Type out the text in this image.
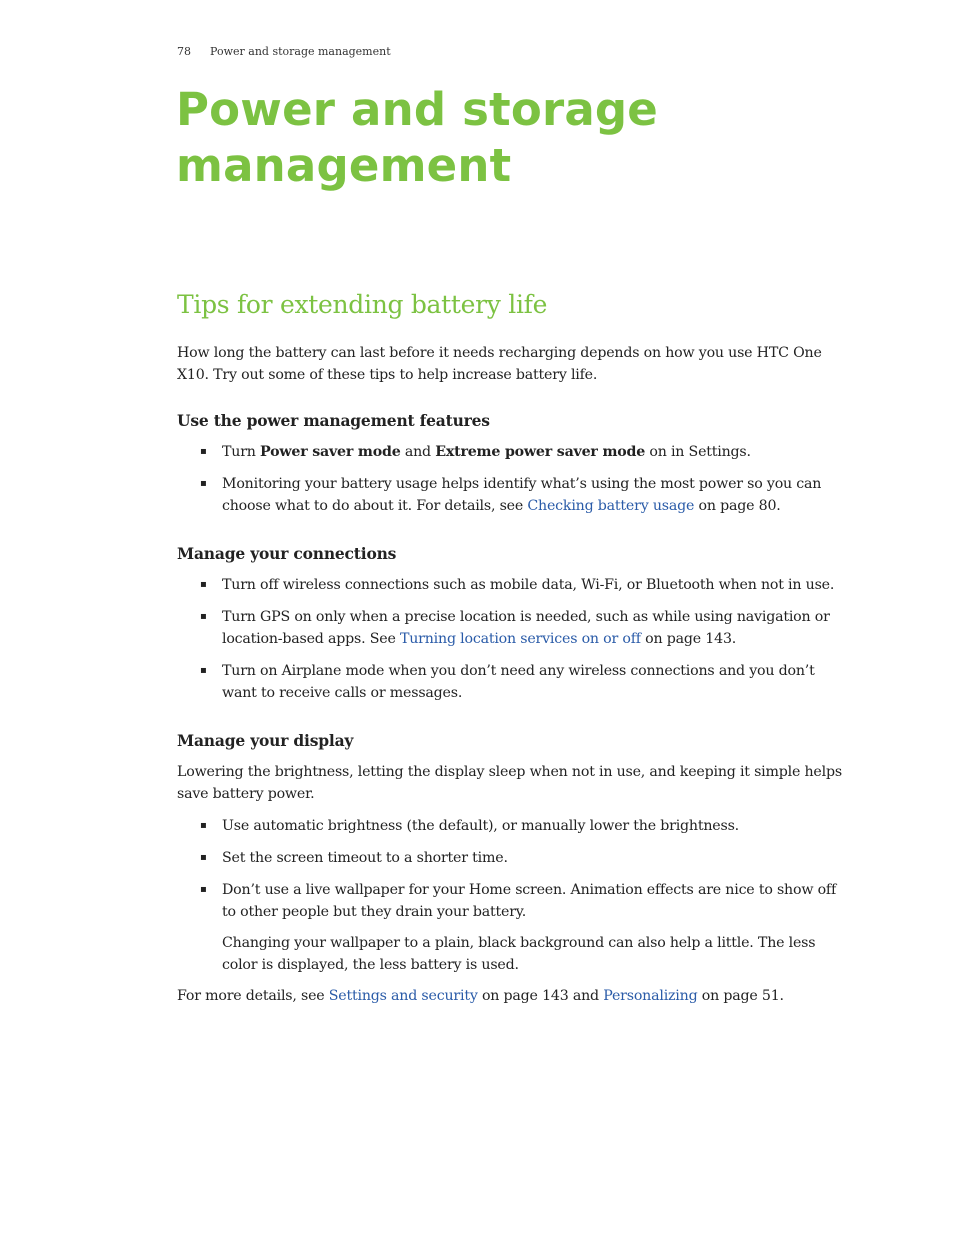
78 Power and storage management
Power and storage management
Tips for extending battery life

How long the battery can last before it needs recharging depends on how you use HTC One X10. Try out some of these tips to help increase battery life.

Use the power management features
▪ Turn Power saver mode and Extreme power saver mode on in Settings.
▪ Monitoring your battery usage helps identify what’s using the most power so you can choose what to do about it. For details, see Checking battery usage on page 80.
Manage your connections
▪ Turn off wireless connections such as mobile data, Wi-Fi, or Bluetooth when not in use.
▪ Turn GPS on only when a precise location is needed, such as while using navigation or location-based apps. See Turning location services on or off on page 143.
▪ Turn on Airplane mode when you don’t need any wireless connections and you don’t want to receive calls or messages.
Manage your display

Lowering the brightness, letting the display sleep when not in use, and keeping it simple helps save battery power.

▪ Use automatic brightness (the default), or manually lower the brightness.
▪ Set the screen timeout to a shorter time.
▪ Don’t use a live wallpaper for your Home screen. Animation effects are nice to show off to other people but they drain your battery.

Changing your wallpaper to a plain, black background can also help a little. The less color is displayed, the less battery is used.

For more details, see Settings and security on page 143 and Personalizing on page 51.
